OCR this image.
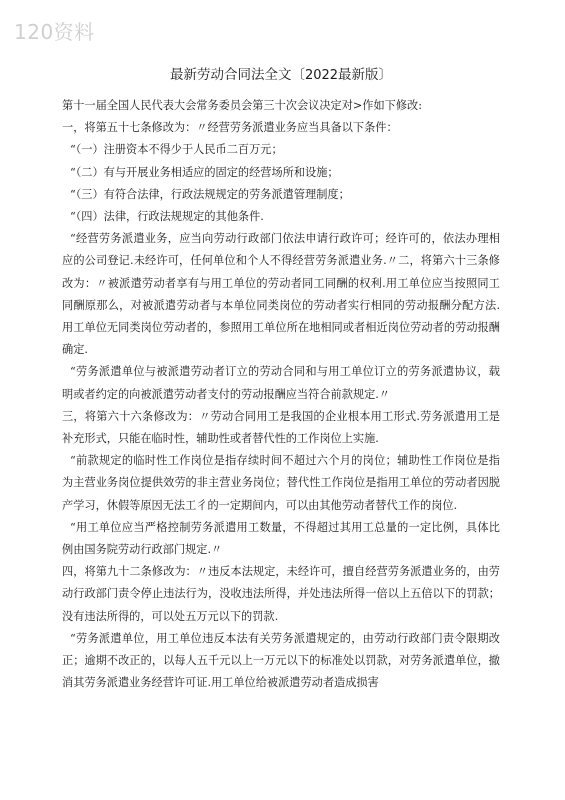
120资料
最新劳动合同法全文〔2022最新版〕

第十一届全国人民代表大会常务委员会第三十次会议决定对>作如下修改:

一，将第五十七条修改为：〃经营劳务派遣业务应当具备以下条件：

“（一）注册资本不得少于人民币二百万元；

“（二）有与开展业务相适应的固定的经营场所和设施；

“（三）有符合法律，行政法规规定的劳务派遣管理制度；

“（四）法律，行政法规规定的其他条件.

“经营劳务派遣业务，应当向劳动行政部门依法申请行政许可；经许可的，依法办理相应的公司登记.未经许可，任何单位和个人不得经营劳务派遣业务.〃二，将第六十三条修改为：〃被派遣劳动者享有与用工单位的劳动者同工同酬的权利.用工单位应当按照同工同酬原那么，对被派遣劳动者与本单位同类岗位的劳动者实行相同的劳动报酬分配方法.用工单位无同类岗位劳动者的，参照用工单位所在地相同或者相近岗位劳动者的劳动报酬确定.

“劳务派遣单位与被派遣劳动者订立的劳动合同和与用工单位订立的劳务派遣协议，载明或者约定的向被派遣劳动者支付的劳动报酬应当符合前款规定.〃

三，将第六十六条修改为：〃劳动合同用工是我国的企业根本用工形式.劳务派遣用工是补充形式，只能在临时性，辅助性或者替代性的工作岗位上实施.

“前款规定的临时性工作岗位是指存续时间不超过六个月的岗位；辅助性工作岗位是指为主营业务岗位提供效劳的非主营业务岗位；替代性工作岗位是指用工单位的劳动者因脱产学习，休假等原因无法工彳的一定期间内，可以由其他劳动者替代工作的岗位.

“用工单位应当严格控制劳务派遣用工数量，不得超过其用工总量的一定比例，具体比例由国务院劳动行政部门规定.〃

四，将第九十二条修改为：〃违反本法规定，未经许可，擅自经营劳务派遣业务的，由劳动行政部门责令停止违法行为，没收违法所得，并处违法所得一倍以上五倍以下的罚款；没有违法所得的，可以处五万元以下的罚款.

“劳务派遣单位，用工单位违反本法有关劳务派遣规定的，由劳动行政部门责令限期改正；逾期不改正的，以每人五千元以上一万元以下的标准处以罚款，对劳务派遣单位，撤消其劳务派遣业务经营许可证.用工单位给被派遣劳动者造成损害
